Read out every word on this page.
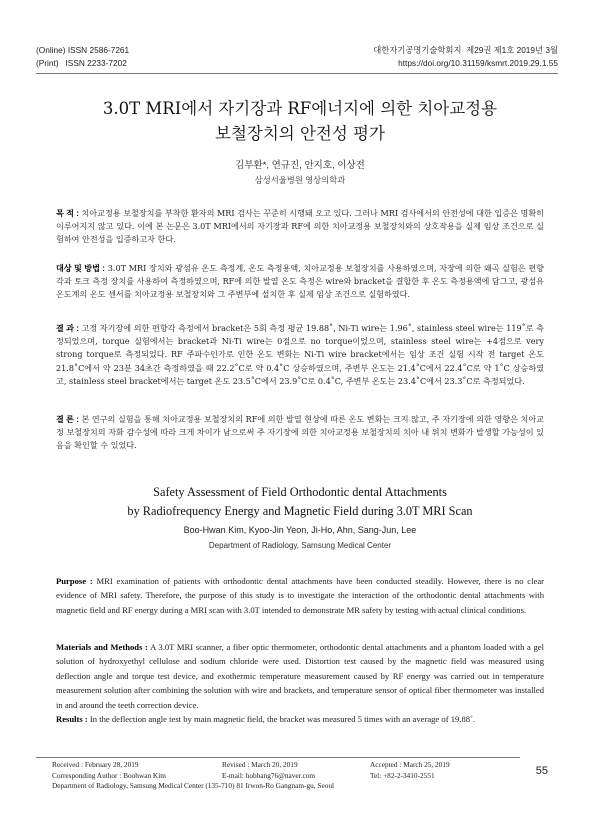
(Online) ISSN 2586-7261
(Print)   ISSN 2233-7202
대한자기공명기술학회지  제29권 제1호 2019년 3월
https://doi.org/10.31159/ksmrt.2019.29.1.55
3.0T MRI에서 자기장과 RF에너지에 의한 치아교정용
보철장치의 안전성 평가
김부환*, 연규진, 안지호, 이상전
삼성서울병원 영상의학과
목 적 : 치아교정용 보철장치를 부착한 환자의 MRI 검사는 꾸준히 시행돼 오고 있다. 그러나 MRI 검사에서의 안전성에 대한 입증은 명확히 이루어지지 않고 있다. 이에 본 논문은 3.0T MRI에서의 자기장과 RF에 의한 치아교정용 보철장치와의 상호작용을 실제 임상 조건으로 실험하여 안전성을 입증하고자 한다.
대상 및 방법 : 3.0T MRI 장치와 광섬유 온도 측정계, 온도 측정용액, 치아교정용 보철장치를 사용하였으며, 자장에 의한 왜곡 실험은 편향각과 토크 측정 장치를 사용하여 측정하였으며, RF에 의한 발열 온도 측정은 wire와 bracket을 결합한 후 온도 측정용액에 담그고, 광섬유 온도계의 온도 센서를 치아교정용 보철장치와 그 주변부에 설치한 후 실제 임상 조건으로 실험하였다.
결 과 : 고정 자기장에 의한 편향각 측정에서 bracket은 5회 측정 평균 19.88˚, Ni-Ti wire는 1.96˚, stainless steel wire는 119˚로 측정되었으며, torque 실험에서는 bracket과 Ni-Ti wire는 0점으로 no torque이었으며, stainless steel wire는 +4점으로 very strong torque로 측정되었다. RF 주파수인가로 인한 온도 변화는 Ni-Ti wire bracket에서는 임상 조건 실험 시작 전 target 온도 21.8˚C에서 약 23분 34초간 측정하였을 때 22.2˚C로 약 0.4˚C 상승하였으며, 주변부 온도는 21.4˚C에서 22.4˚C로 약 1˚C 상승하였고, stainless steel bracket에서는 target 온도 23.5˚C에서 23.9˚C로 0.4˚C, 주변부 온도는 23.4˚C에서 23.3˚C로 측정되었다.
결 론 : 본 연구의 실험을 통해 치아교정용 보철장치의 RF에 의한 발열 현상에 따른 온도 변화는 크지 않고, 주 자기장에 의한 영향은 치아교정 보철장치의 자화 감수성에 따라 크게 차이가 남으로써 주 자기장에 의한 치아교정용 보철장치의 치아 내 위치 변화가 발생할 가능성이 있음을 확인할 수 있었다.
Safety Assessment of Field Orthodontic dental Attachments
by Radiofrequency Energy and Magnetic Field during 3.0T MRI Scan
Boo-Hwan Kim, Kyoo-Jin Yeon, Ji-Ho, Ahn, Sang-Jun, Lee
Department of Radiology, Samsung Medical Center
Purpose : MRI examination of patients with orthodontic dental attachments have been conducted steadily. However, there is no clear evidence of MRI safety. Therefore, the purpose of this study is to investigate the interaction of the orthodontic dental attachments with magnetic field and RF energy during a MRI scan with 3.0T intended to demonstrate MR safety by testing with actual clinical conditions.
Materials and Methods : A 3.0T MRI scanner, a fiber optic thermometer, orthodontic dental attachments and a phantom loaded with a gel solution of hydroxyethyl cellulose and sodium chloride were used. Distortion test caused by the magnetic field was measured using deflection angle and torque test device, and exothermic temperature measurement caused by RF energy was carried out in temperature measurement solution after combining the solution with wire and brackets, and temperature sensor of optical fiber thermometer was installed in and around the teeth correction device.
Results : In the deflection angle test by main magnetic field, the bracket was measured 5 times with an average of 19.88˚.
Received : February 28, 2019
Corresponding Author : Boohwan Kim
Department of Radiology, Samsung Medical Center (135-710) 81 Irwon-Ro Gangnam-gu, Seoul
Revised : March 20, 2019
E-mail: hobbang76@naver.com
Accepted : March 25, 2019
Tel: +82-2-3410-2551	55
